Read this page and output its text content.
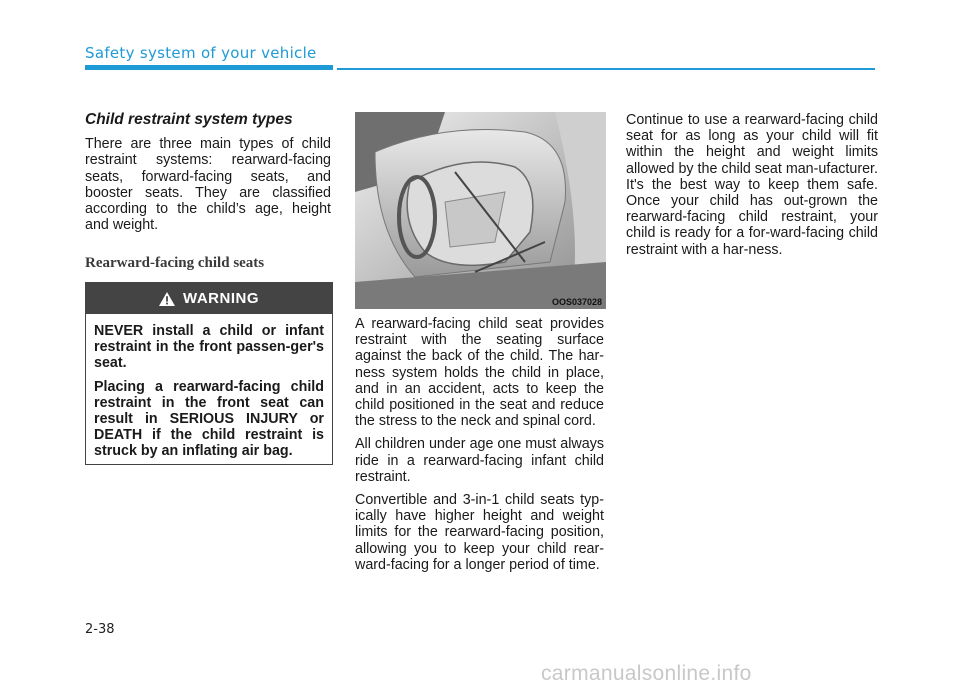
Safety system of your vehicle
Child restraint system types

There are three main types of child restraint systems: rearward-facing seats, forward-facing seats, and booster seats. They are classified according to the child’s age, height and weight.

Rearward-facing child seats
WARNING

NEVER install a child or infant restraint in the front passen-ger's seat.

Placing a rearward-facing child restraint in the front seat can result in SERIOUS INJURY or DEATH if the child restraint is struck by an inflating air bag.

OOS037028

A rearward-facing child seat provides restraint with the seating surface against the back of the child. The har-ness system holds the child in place, and in an accident, acts to keep the child positioned in the seat and reduce the stress to the neck and spinal cord.

All children under age one must always ride in a rearward-facing infant child restraint.

Convertible and 3-in-1 child seats typ-ically have higher height and weight limits for the rearward-facing position, allowing you to keep your child rear-ward-facing for a longer period of time.

Continue to use a rearward-facing child seat for as long as your child will fit within the height and weight limits allowed by the child seat man-ufacturer. It's the best way to keep them safe. Once your child has out-grown the rearward-facing child restraint, your child is ready for a for-ward-facing child restraint with a har-ness.

2-38
carmanualsonline.info
